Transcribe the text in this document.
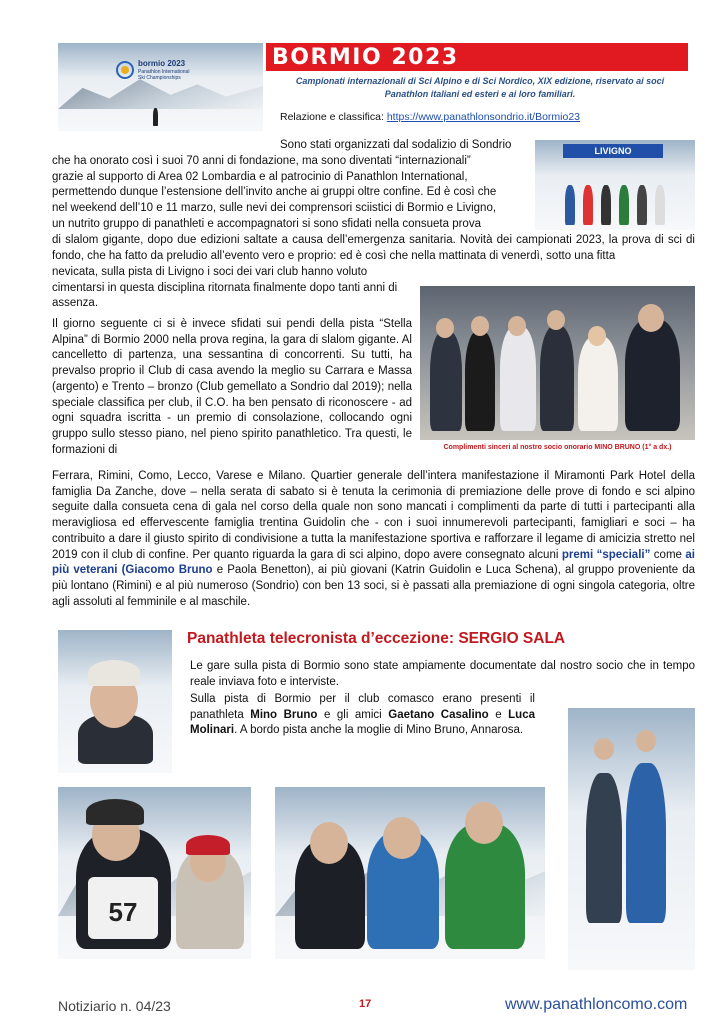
bormio 2023
Panathlon International
Ski Championships
BORMIO 2023
Campionati internazionali di Sci Alpino e di Sci Nordico, XIX edizione, riservato ai soci Panathlon italiani ed esteri e ai loro familiari.
Relazione e classifica: https://www.panathlonsondrio.it/Bormio23
LIVIGNO
Complimenti sinceri al nostro socio onorario MINO BRUNO (1° a dx.)

Sono stati organizzati dal sodalizio di Sondrio

che ha onorato così i suoi 70 anni di fondazione, ma sono diventati “internazionali”

grazie al supporto di Area 02 Lombardia e al patrocinio di Panathlon International,

permettendo dunque l’estensione dell’invito anche ai gruppi oltre confine. Ed è così che

nel weekend dell’10 e 11 marzo, sulle nevi dei comprensori sciistici di Bormio e Livigno,

un nutrito gruppo di panathleti e accompagnatori si sono sfidati nella consueta prova

di slalom gigante, dopo due edizioni saltate a causa dell’emergenza sanitaria. Novità dei campionati 2023, la prova di sci di fondo, che ha fatto da preludio all’evento vero e proprio: ed è così che nella mattinata di venerdì, sotto una fitta

nevicata, sulla pista di Livigno i soci dei vari club hanno voluto cimentarsi in questa disciplina ritornata finalmente dopo tanti anni di assenza.

Il giorno seguente ci si è invece sfidati sui pendi della pista “Stella Alpina” di Bormio 2000 nella prova regina, la gara di slalom gigante. Al cancelletto di partenza, una sessantina di concorrenti. Su tutti, ha prevalso proprio il Club di casa avendo la meglio su Carrara e Massa (argento) e Trento – bronzo (Club gemellato a Sondrio dal 2019); nella speciale classifica per club, il C.O. ha ben pensato di riconoscere - ad ogni squadra iscritta - un premio di consolazione, collocando ogni gruppo sullo stesso piano, nel pieno spirito panathletico. Tra questi, le formazioni di

Ferrara, Rimini, Como, Lecco, Varese e Milano. Quartier generale dell’intera manifestazione il Miramonti Park Hotel della famiglia Da Zanche, dove – nella serata di sabato si è tenuta la cerimonia di premiazione delle prove di fondo e sci alpino seguite dalla consueta cena di gala nel corso della quale non sono mancati i complimenti da parte di tutti i partecipanti alla meravigliosa ed effervescente famiglia trentina Guidolin che - con i suoi innumerevoli partecipanti, famigliari e soci – ha contribuito a dare il giusto spirito di condivisione a tutta la manifestazione sportiva e rafforzare il legame di amicizia stretto nel 2019 con il club di confine. Per quanto riguarda la gara di sci alpino, dopo avere consegnato alcuni premi “speciali” come ai più veterani (Giacomo Bruno e Paola Benetton), ai più giovani (Katrin Guidolin e Luca Schena), al gruppo proveniente da più lontano (Rimini) e al più numeroso (Sondrio) con ben 13 soci, si è passati alla premiazione di ogni singola categoria, oltre agli assoluti al femminile e al maschile.

Panathleta telecronista d’eccezione: SERGIO SALA

Le gare sulla pista di Bormio sono state ampiamente documentate dal nostro socio che in tempo reale inviava foto e interviste.

Sulla pista di Bormio per il club comasco erano presenti il panathleta Mino Bruno e gli amici Gaetano Casalino e Luca Molinari. A bordo pista anche la moglie di Mino Bruno, Annarosa.

57
Notiziario n. 04/23	17	www.panathloncomo.com
